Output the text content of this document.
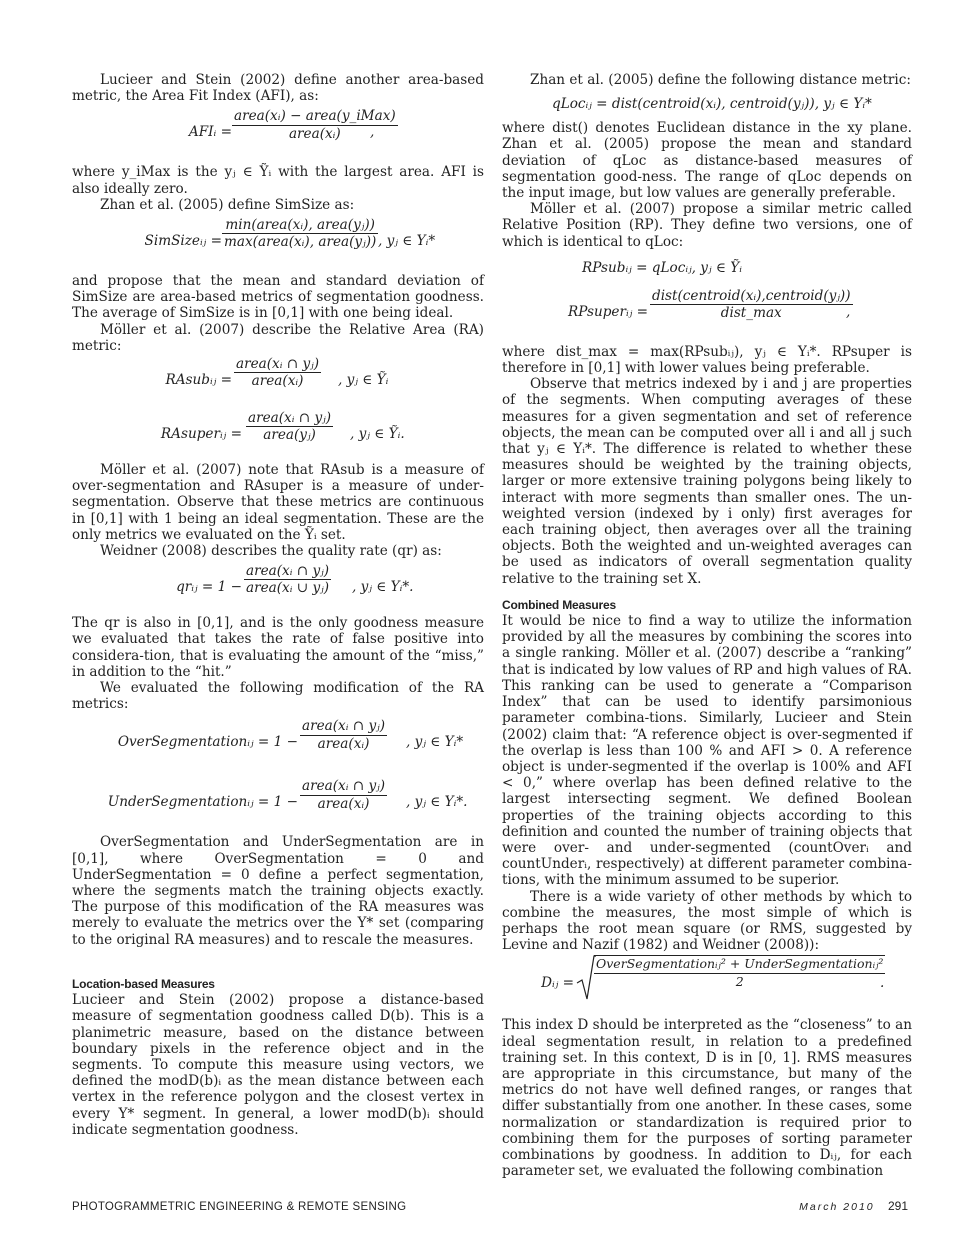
Lucieer and Stein (2002) define another area-based metric, the Area Fit Index (AFI), as:

AFIᵢ =
area(xᵢ) − area(y_iMax)
area(xᵢ)	,

where y_iMax is the yⱼ ∈ Ỹᵢ with the largest area. AFI is also ideally zero.

Zhan et al. (2005) define SimSize as:

SimSizeᵢⱼ =
min(area(xᵢ), area(yⱼ))
max(area(xᵢ), area(yⱼ)) , yⱼ ∈ Yᵢ*

and propose that the mean and standard deviation of SimSize are area-based metrics of segmentation goodness. The average of SimSize is in [0,1] with one being ideal.

Möller et al. (2007) describe the Relative Area (RA) metric:

RAsubᵢⱼ =
area(xᵢ ∩ yⱼ)
area(xᵢ)	, yⱼ ∈ Ỹᵢ
RAsuperᵢⱼ =
area(xᵢ ∩ yⱼ)
area(yⱼ)	, yⱼ ∈ Ỹᵢ.

Möller et al. (2007) note that RAsub is a measure of over-segmentation and RAsuper is a measure of under-segmentation. Observe that these metrics are continuous in [0,1] with 1 being an ideal segmentation. These are the only metrics we evaluated on the Ỹᵢ set.

Weidner (2008) describes the quality rate (qr) as:

qrᵢⱼ = 1 −
area(xᵢ ∩ yⱼ)
area(xᵢ ∪ yⱼ) , yⱼ ∈ Yᵢ*.

The qr is also in [0,1], and is the only goodness measure we evaluated that takes the rate of false positive into considera-tion, that is evaluating the amount of the “miss,” in addition to the “hit.”

We evaluated the following modification of the RA metrics:

OverSegmentationᵢⱼ = 1 −
area(xᵢ ∩ yⱼ)
area(xᵢ)	, yⱼ ∈ Yᵢ*
UnderSegmentationᵢⱼ = 1 −
area(xᵢ ∩ yⱼ)
area(xᵢ)	, yⱼ ∈ Yᵢ*.

OverSegmentation and UnderSegmentation are in [0,1], where OverSegmentation = 0 and UnderSegmentation = 0 define a perfect segmentation, where the segments match the training objects exactly. The purpose of this modification of the RA measures was merely to evaluate the metrics over the Y* set (comparing to the original RA measures) and to rescale the measures.

Location-based Measures

Lucieer and Stein (2002) propose a distance-based measure of segmentation goodness called D(b). This is a planimetric measure, based on the distance between boundary pixels in the reference object and in the segments. To compute this measure using vectors, we defined the modD(b)ᵢ as the mean distance between each vertex in the reference polygon and the closest vertex in every Y* segment. In general, a lower modD(b)ᵢ should indicate segmentation goodness.

Zhan et al. (2005) define the following distance metric:

qLocᵢⱼ = dist(centroid(xᵢ), centroid(yⱼ)), yⱼ ∈ Yᵢ*

where dist() denotes Euclidean distance in the xy plane. Zhan et al. (2005) propose the mean and standard deviation of qLoc as distance-based measures of segmentation good-ness. The range of qLoc depends on the input image, but low values are generally preferable.

Möller et al. (2007) propose a similar metric called Relative Position (RP). They define two versions, one of which is identical to qLoc:

RPsubᵢⱼ = qLocᵢⱼ, yⱼ ∈ Ỹᵢ
RPsuperᵢⱼ =
dist(centroid(xᵢ),centroid(yⱼ))
dist_max	,

where dist_max = max(RPsubᵢⱼ), yⱼ ∈ Yᵢ*. RPsuper is therefore in [0,1] with lower values being preferable.

Observe that metrics indexed by i and j are properties of the segments. When computing averages of these measures for a given segmentation and set of reference objects, the mean can be computed over all i and all j such that yⱼ ∈ Yᵢ*. The difference is related to whether these measures should be weighted by the training objects, larger or more extensive training polygons being likely to interact with more segments than smaller ones. The un-weighted version (indexed by i only) first averages for each training object, then averages over all the training objects. Both the weighted and un-weighted averages can be used as indicators of overall segmentation quality relative to the training set X.

Combined Measures

It would be nice to find a way to utilize the information provided by all the measures by combining the scores into a single ranking. Möller et al. (2007) describe a “ranking” that is indicated by low values of RP and high values of RA. This ranking can be used to generate a “Comparison Index” that can be used to identify parsimonious parameter combina-tions. Similarly, Lucieer and Stein (2002) claim that: “A reference object is over-segmented if the overlap is less than 100 % and AFI > 0. A reference object is under-segmented if the overlap is 100% and AFI < 0,” where overlap has been defined relative to the largest intersecting segment. We defined Boolean properties of the training objects according to this definition and counted the number of training objects that were over- and under-segmented (countOverᵢ and countUnderᵢ, respectively) at different parameter combina-tions, with the minimum assumed to be superior.

There is a wide variety of other methods by which to combine the measures, the most simple of which is perhaps the root mean square (or RMS, suggested by Levine and Nazif (1982) and Weidner (2008)):

Dᵢⱼ =
OverSegmentationᵢⱼ² + UnderSegmentationᵢⱼ²
2	.

This index D should be interpreted as the “closeness” to an ideal segmentation result, in relation to a predefined training set. In this context, D is in [0, 1]. RMS measures are appropriate in this circumstance, but many of the metrics do not have well defined ranges, or ranges that differ substantially from one another. In these cases, some normalization or standardization is required prior to combining them for the purposes of sorting parameter combinations by goodness. In addition to Dᵢⱼ, for each parameter set, we evaluated the following combination

PHOTOGRAMMETRIC ENGINEERING & REMOTE SENSING	March 2010 291
